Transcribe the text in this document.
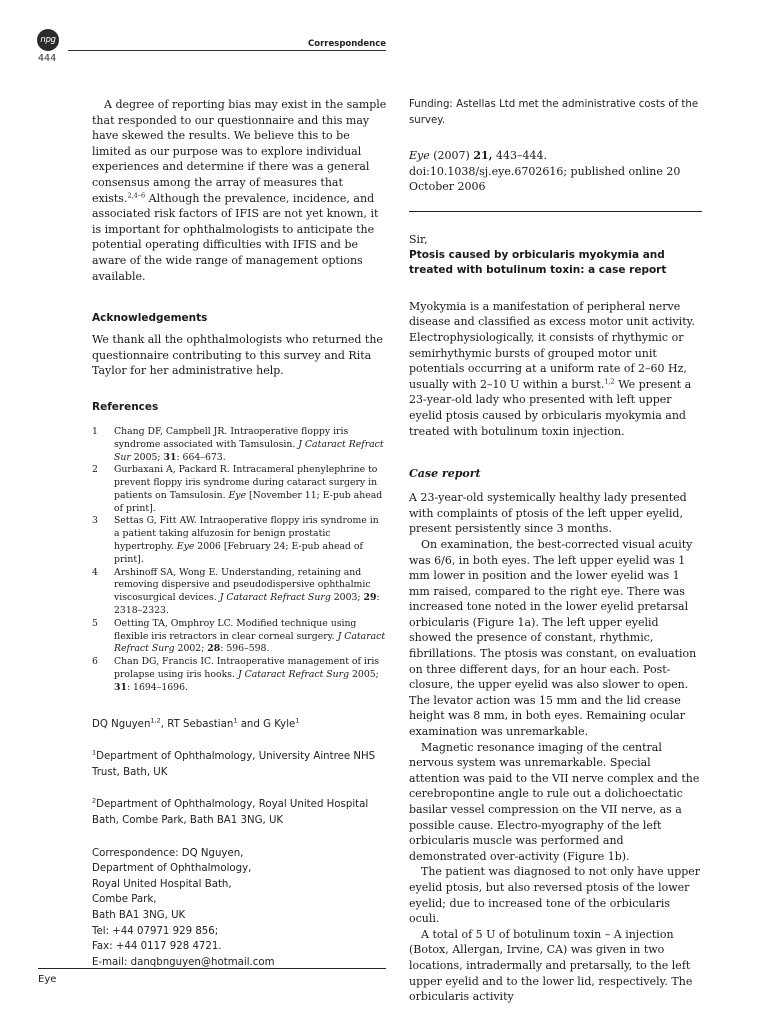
npg
444
Correspondence

A degree of reporting bias may exist in the sample that responded to our questionnaire and this may have skewed the results. We believe this to be limited as our purpose was to explore individual experiences and determine if there was a general consensus among the array of measures that exists.$^{2,4-6}$ Although the prevalence, incidence, and associated risk factors of IFIS are not yet known, it is important for ophthalmologists to anticipate the potential operating difficulties with IFIS and be aware of the wide range of management options available.

Acknowledgements

We thank all the ophthalmologists who returned the questionnaire contributing to this survey and Rita Taylor for her administrative help.

References
1 Chang DF, Campbell JR. Intraoperative floppy iris syndrome associated with Tamsulosin. J Cataract Refract Sur 2005; 31: 664–673.
2 Gurbaxani A, Packard R. Intracameral phenylephrine to prevent floppy iris syndrome during cataract surgery in patients on Tamsulosin. Eye [November 11; E-pub ahead of print].
3 Settas G, Fitt AW. Intraoperative floppy iris syndrome in a patient taking alfuzosin for benign prostatic hypertrophy. Eye 2006 [February 24; E-pub ahead of print].
4 Arshinoff SA, Wong E. Understanding, retaining and removing dispersive and pseudodispersive ophthalmic viscosurgical devices. J Cataract Refract Surg 2003; 29: 2318–2323.
5 Oetting TA, Omphroy LC. Modified technique using flexible iris retractors in clear corneal surgery. J Cataract Refract Surg 2002; 28: 596–598.
6 Chan DG, Francis IC. Intraoperative management of iris prolapse using iris hooks. J Cataract Refract Surg 2005; 31: 1694–1696.
DQ Nguyen$^{1,2}$, RT Sebastian$^1$ and G Kyle$^1$
$^1$Department of Ophthalmology, University Aintree NHS Trust, Bath, UK
$^2$Department of Ophthalmology, Royal United Hospital Bath, Combe Park, Bath BA1 3NG, UK
Correspondence: DQ Nguyen,
Department of Ophthalmology,
Royal United Hospital Bath,
Combe Park,
Bath BA1 3NG, UK
Tel: +44 07971 929 856;
Fax: +44 0117 928 4721.
E-mail: danqbnguyen@hotmail.com
Funding: Astellas Ltd met the administrative costs of the survey.

Eye (2007) 21, 443–444. doi:10.1038/sj.eye.6702616; published online 20 October 2006

Sir,
Ptosis caused by orbicularis myokymia and treated with botulinum toxin: a case report

Myokymia is a manifestation of peripheral nerve disease and classified as excess motor unit activity. Electrophysiologically, it consists of rhythymic or semirhythymic bursts of grouped motor unit potentials occurring at a uniform rate of 2–60 Hz, usually with 2–10 U within a burst.$^{1,2}$ We present a 23-year-old lady who presented with left upper eyelid ptosis caused by orbicularis myokymia and treated with botulinum toxin injection.

Case report

A 23-year-old systemically healthy lady presented with complaints of ptosis of the left upper eyelid, present persistently since 3 months.

On examination, the best-corrected visual acuity was 6/6, in both eyes. The left upper eyelid was 1 mm lower in position and the lower eyelid was 1 mm raised, compared to the right eye. There was increased tone noted in the lower eyelid pretarsal orbicularis (Figure 1a). The left upper eyelid showed the presence of constant, rhythmic, fibrillations. The ptosis was constant, on evaluation on three different days, for an hour each. Post-closure, the upper eyelid was also slower to open. The levator action was 15 mm and the lid crease height was 8 mm, in both eyes. Remaining ocular examination was unremarkable.

Magnetic resonance imaging of the central nervous system was unremarkable. Special attention was paid to the VII nerve complex and the cerebropontine angle to rule out a dolichoectatic basilar vessel compression on the VII nerve, as a possible cause. Electro-myography of the left orbicularis muscle was performed and demonstrated over-activity (Figure 1b).

The patient was diagnosed to not only have upper eyelid ptosis, but also reversed ptosis of the lower eyelid; due to increased tone of the orbicularis oculi.

A total of 5 U of botulinum toxin – A injection (Botox, Allergan, Irvine, CA) was given in two locations, intradermally and pretarsally, to the left upper eyelid and to the lower lid, respectively. The orbicularis activity

Eye
